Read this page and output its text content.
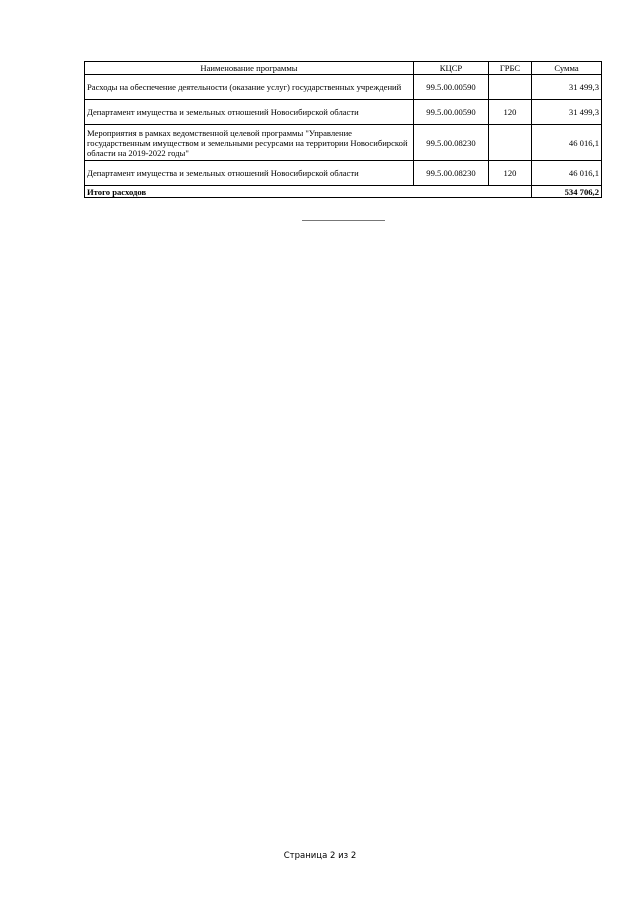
Наименование программы	КЦСР	ГРБС	Сумма
Расходы на обеспечение деятельности (оказание услуг) государственных учреждений	99.5.00.00590		31 499,3
Департамент имущества и земельных отношений Новосибирской области	99.5.00.00590	120	31 499,3
Мероприятия в рамках ведомственной целевой программы "Управление государственным имуществом и земельными ресурсами на территории Новосибирской области на 2019-2022 годы"	99.5.00.08230		46 016,1
Департамент имущества и земельных отношений Новосибирской области	99.5.00.08230	120	46 016,1
Итого расходов			534 706,2
Страница 2 из 2
